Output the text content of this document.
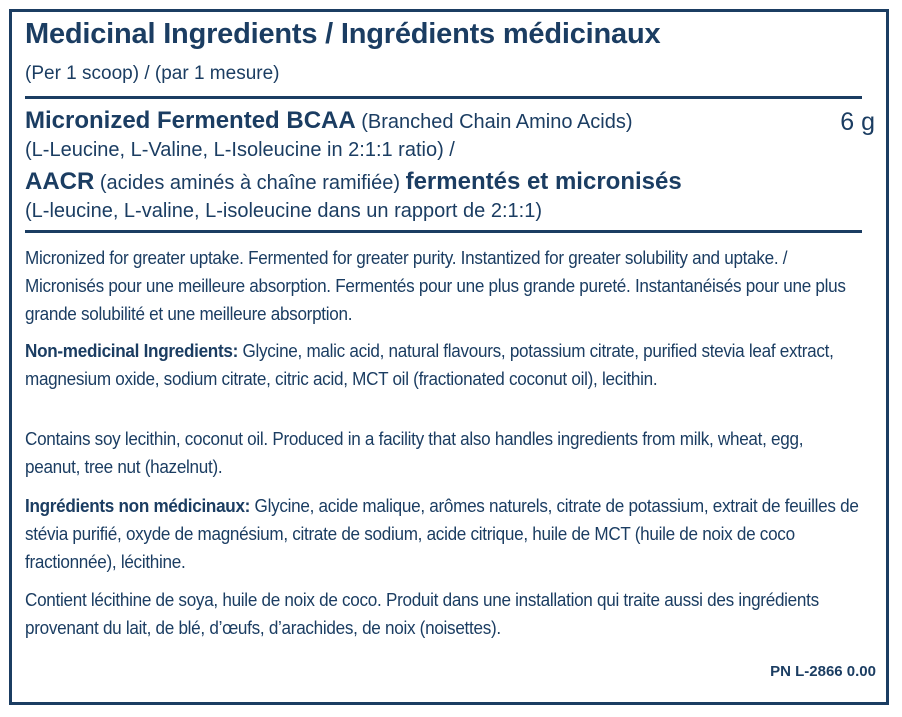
Medicinal Ingredients / Ingrédients médicinaux
(Per 1 scoop) / (par 1 mesure)
Micronized Fermented BCAA (Branched Chain Amino Acids)	6 g
(L-Leucine, L-Valine, L-Isoleucine in 2:1:1 ratio) /
AACR (acides aminés à chaîne ramifiée) fermentés et micronisés
(L-leucine, L-valine, L-isoleucine dans un rapport de 2:1:1)

Micronized for greater uptake. Fermented for greater purity. Instantized for greater solubility and uptake. / Micronisés pour une meilleure absorption. Fermentés pour une plus grande pureté. Instantanéisés pour une plus grande solubilité et une meilleure absorption.

Non-medicinal Ingredients: Glycine, malic acid, natural flavours, potassium citrate, purified stevia leaf extract, magnesium oxide, sodium citrate, citric acid, MCT oil (fractionated coconut oil), lecithin.

Contains soy lecithin, coconut oil. Produced in a facility that also handles ingredients from milk, wheat, egg, peanut, tree nut (hazelnut).

Ingrédients non médicinaux: Glycine, acide malique, arômes naturels, citrate de potassium, extrait de feuilles de stévia purifié, oxyde de magnésium, citrate de sodium, acide citrique, huile de MCT (huile de noix de coco fractionnée), lécithine.

Contient lécithine de soya, huile de noix de coco. Produit dans une installation qui traite aussi des ingrédients provenant du lait, de blé, d’œufs, d’arachides, de noix (noisettes).

PN L-2866 0.00
